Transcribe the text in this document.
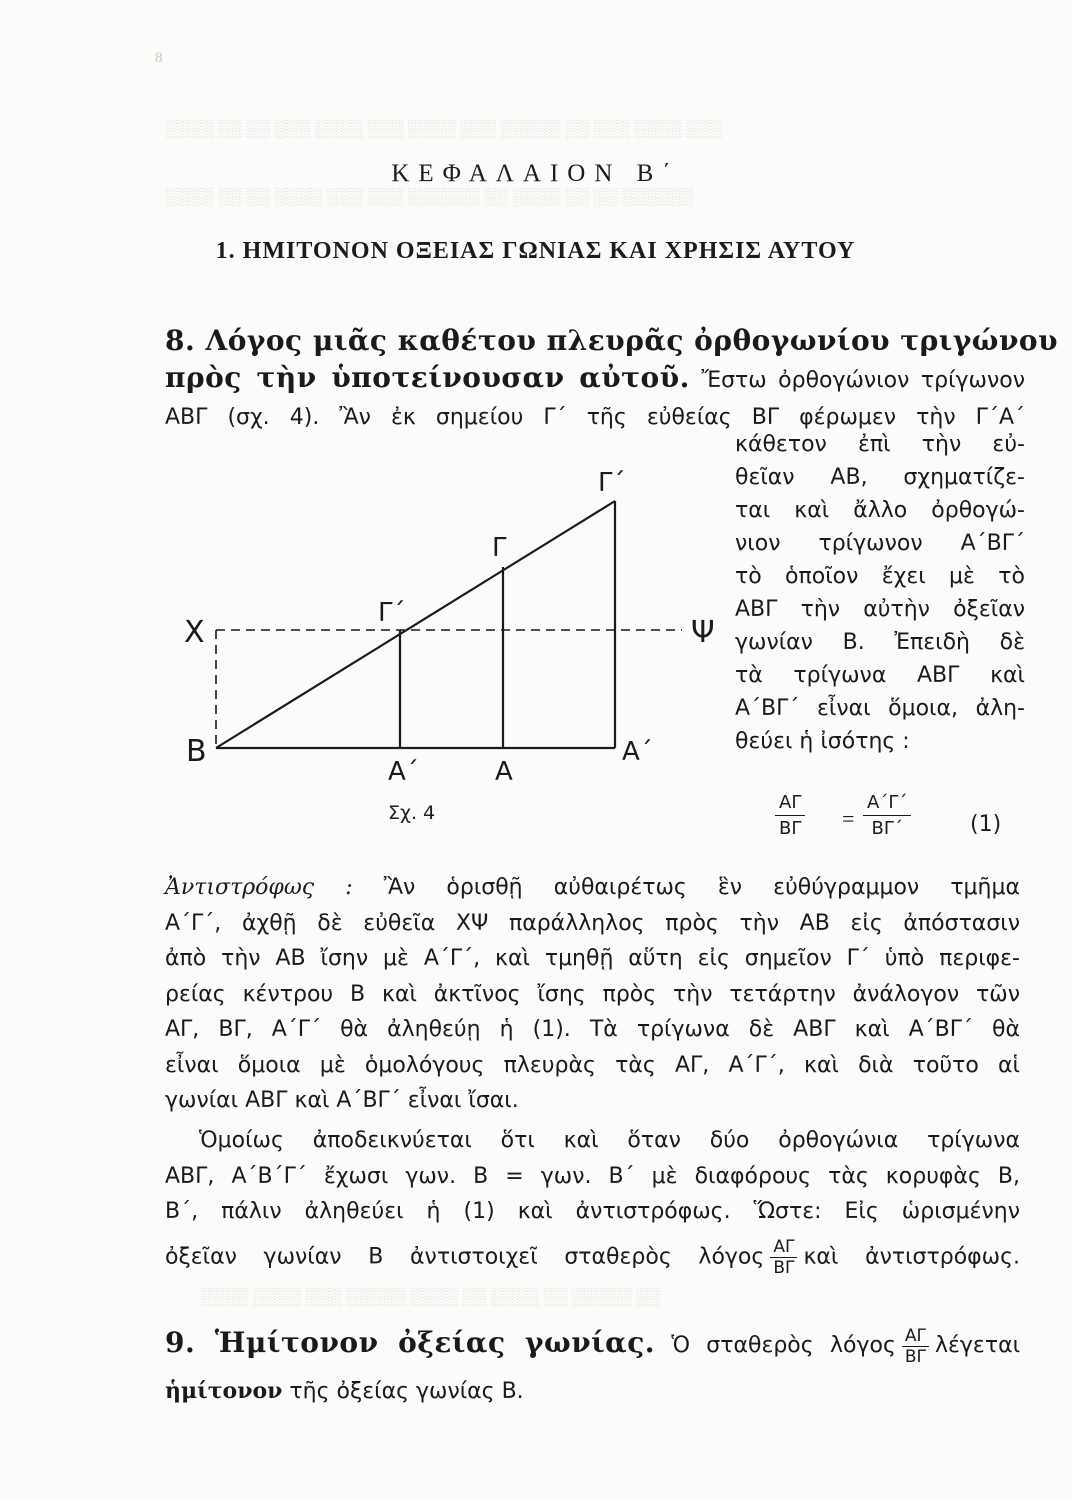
░░░░ ░░ ░░ ░░░ ░░░░ ░░░ ░░░░ ░░░ ░░░░░ ░░ ░░░ ░░░░ ░░░
░░░░ ░░ ░░ ░░░░ ░░░ ░░░ ░░░░░░ ░░ ░░░░ ░░ ░░ ░░░░░░
░░░░ ░░░░ ░░░ ░░░░░ ░░░░ ░░ ░░░░ ░░ ░░░░░ ░░
8
ΚΕΦΑΛΑΙΟΝ Β΄
1. ΗΜΙΤΟΝΟΝ ΟΞΕΙΑΣ ΓΩΝΙΑΣ ΚΑΙ ΧΡΗΣΙΣ ΑΥΤΟΥ
8. Λόγος μιᾶς καθέτου πλευρᾶς ὀρθογωνίου τριγώνου
πρὸς τὴν ὑποτείνουσαν αὐτοῦ. Ἔστω ὀρθογώνιον τρίγωνον
ΑΒΓ (σχ. 4). Ἂν ἐκ σημείου Γ΄ τῆς εὐθείας ΒΓ φέρωμεν τὴν Γ΄Α΄
Χ	Ψ
Β
Γ΄
Γ
Γ΄
Α΄	Α
Α΄
Σχ. 4
κάθετον ἐπὶ τὴν εὐ-
θεῖαν ΑΒ, σχηματίζε-
ται καὶ ἄλλο ὀρθογώ-
νιον τρίγωνον Α΄ΒΓ΄
τὸ ὁποῖον ἔχει μὲ τὸ
ΑΒΓ τὴν αὐτὴν ὀξεῖαν
γωνίαν Β. Ἐπειδὴ δὲ
τὰ τρίγωνα ΑΒΓ καὶ
Α΄ΒΓ΄ εἶναι ὅμοια, ἀλη-
θεύει ἡ ἰσότης :
$\frac{A\Gamma}{B\Gamma} = \frac{A΄\Gamma΄}{B\Gamma΄}$	(1)
Ἀντιστρόφως : Ἂν ὁρισθῇ αὐθαιρέτως ἓν εὐθύγραμμον τμῆμα
Α΄Γ΄, ἀχθῇ δὲ εὐθεῖα ΧΨ παράλληλος πρὸς τὴν ΑΒ εἰς ἀπόστασιν
ἀπὸ τὴν ΑΒ ἴσην μὲ Α΄Γ΄, καὶ τμηθῇ αὕτη εἰς σημεῖον Γ΄ ὑπὸ περιφε-
ρείας κέντρου Β καὶ ἀκτῖνος ἴσης πρὸς τὴν τετάρτην ἀνάλογον τῶν
ΑΓ, ΒΓ, Α΄Γ΄ θὰ ἀληθεύῃ ἡ (1). Τὰ τρίγωνα δὲ ΑΒΓ καὶ Α΄ΒΓ΄ θὰ
εἶναι ὅμοια μὲ ὁμολόγους πλευρὰς τὰς ΑΓ, Α΄Γ΄, καὶ διὰ τοῦτο αἱ
γωνίαι ΑΒΓ καὶ Α΄ΒΓ΄ εἶναι ἴσαι.
Ὁμοίως ἀποδεικνύεται ὅτι καὶ ὅταν δύο ὀρθογώνια τρίγωνα
ΑΒΓ, Α΄Β΄Γ΄ ἔχωσι γων. Β = γων. Β΄ μὲ διαφόρους τὰς κορυφὰς Β,
Β΄, πάλιν ἀληθεύει ἡ (1) καὶ ἀντιστρόφως. Ὥστε: Εἰς ὡρισμένην
ὀξεῖαν γωνίαν Β ἀντιστοιχεῖ σταθερὸς λόγος $\frac{A\Gamma}{B\Gamma}$ καὶ ἀντιστρόφως.
9. Ἡμίτονον ὀξείας γωνίας. Ὁ σταθερὸς λόγος $\frac{A\Gamma}{B\Gamma}$ λέγεται
ἡμίτονον τῆς ὀξείας γωνίας Β.
